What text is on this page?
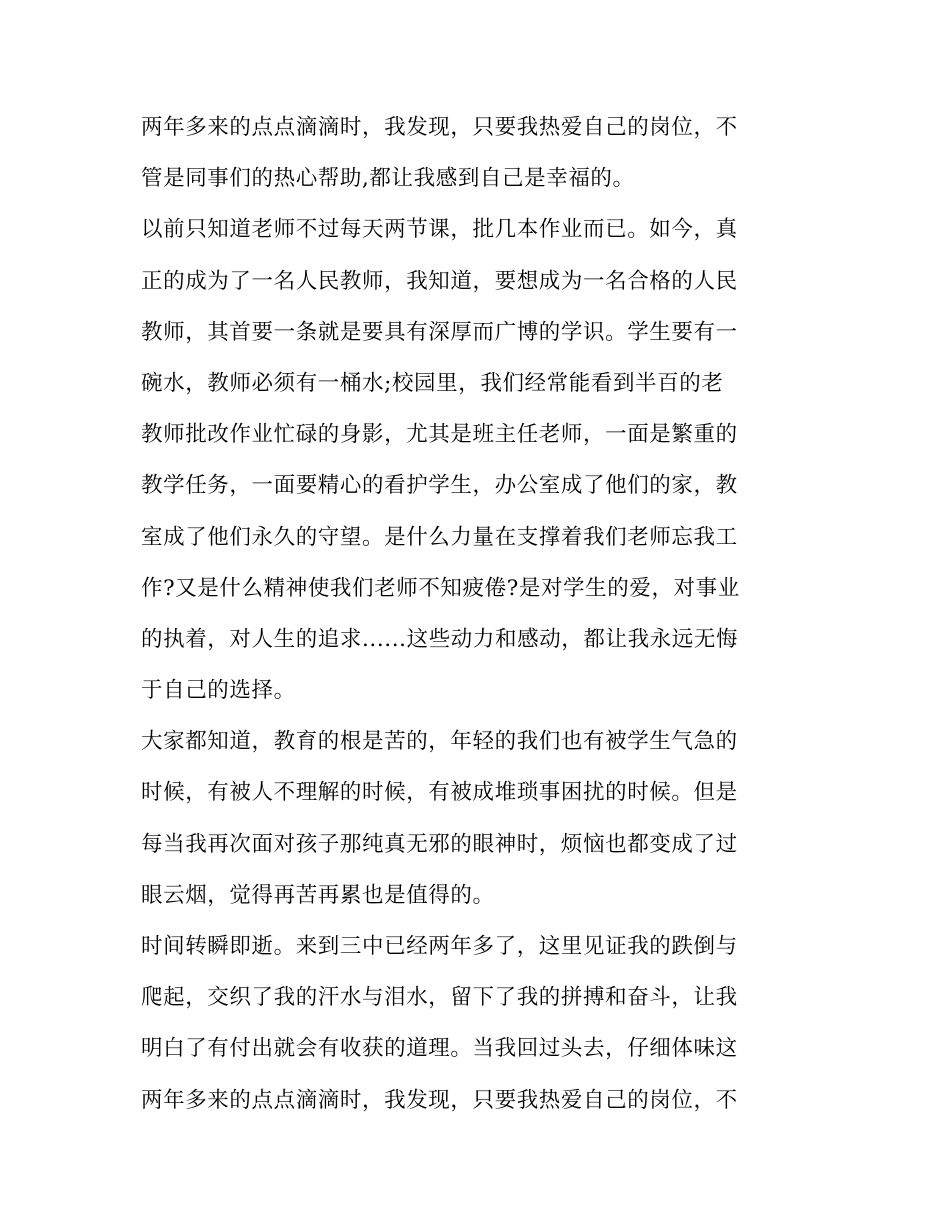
两年多来的点点滴滴时，我发现，只要我热爱自己的岗位，不
管是同事们的热心帮助,都让我感到自己是幸福的。
以前只知道老师不过每天两节课，批几本作业而已。如今，真
正的成为了一名人民教师，我知道，要想成为一名合格的人民
教师，其首要一条就是要具有深厚而广博的学识。学生要有一
碗水，教师必须有一桶水;校园里，我们经常能看到半百的老
教师批改作业忙碌的身影，尤其是班主任老师，一面是繁重的
教学任务，一面要精心的看护学生，办公室成了他们的家，教
室成了他们永久的守望。是什么力量在支撑着我们老师忘我工
作?又是什么精神使我们老师不知疲倦?是对学生的爱，对事业
的执着，对人生的追求......这些动力和感动，都让我永远无悔
于自己的选择。
大家都知道，教育的根是苦的，年轻的我们也有被学生气急的
时候，有被人不理解的时候，有被成堆琐事困扰的时候。但是
每当我再次面对孩子那纯真无邪的眼神时，烦恼也都变成了过
眼云烟，觉得再苦再累也是值得的。
时间转瞬即逝。来到三中已经两年多了，这里见证我的跌倒与
爬起，交织了我的汗水与泪水，留下了我的拼搏和奋斗，让我
明白了有付出就会有收获的道理。当我回过头去，仔细体味这
两年多来的点点滴滴时，我发现，只要我热爱自己的岗位，不
